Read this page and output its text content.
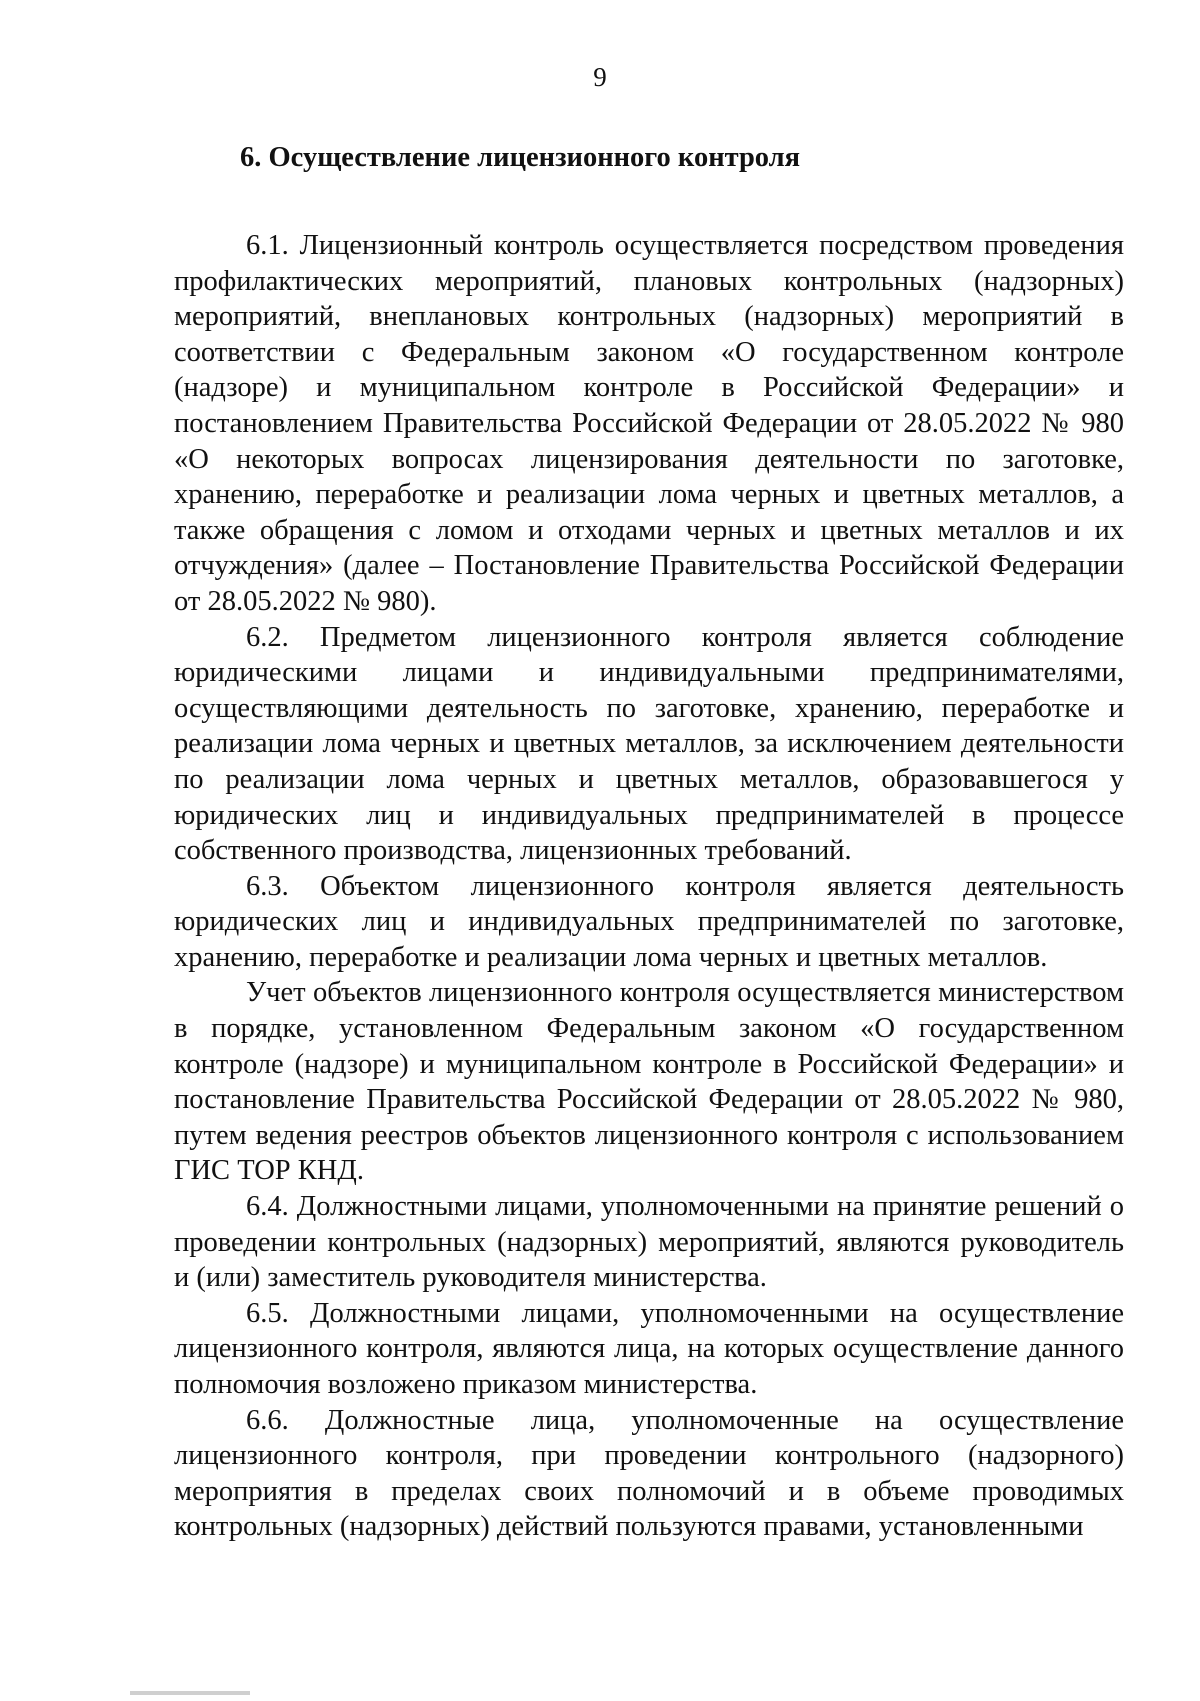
9
6. Осуществление лицензионного контроля

6.1. Лицензионный контроль осуществляется посредством проведения профилактических мероприятий, плановых контрольных (надзорных) мероприятий, внеплановых контрольных (надзорных) мероприятий в соответствии с Федеральным законом «О государственном контроле (надзоре) и муниципальном контроле в Российской Федерации» и постановлением Правительства Российской Федерации от 28.05.2022 № 980 «О некоторых вопросах лицензирования деятельности по заготовке, хранению, переработке и реализации лома черных и цветных металлов, а также обращения с ломом и отходами черных и цветных металлов и их отчуждения» (далее – Постановление Правительства Российской Федерации от 28.05.2022 № 980).

6.2. Предметом лицензионного контроля является соблюдение юридическими лицами и индивидуальными предпринимателями, осуществляющими деятельность по заготовке, хранению, переработке и реализации лома черных и цветных металлов, за исключением деятельности по реализации лома черных и цветных металлов, образовавшегося у юридических лиц и индивидуальных предпринимателей в процессе собственного производства, лицензионных требований.

6.3. Объектом лицензионного контроля является деятельность юридических лиц и индивидуальных предпринимателей по заготовке, хранению, переработке и реализации лома черных и цветных металлов.

Учет объектов лицензионного контроля осуществляется министерством в порядке, установленном Федеральным законом «О государственном контроле (надзоре) и муниципальном контроле в Российской Федерации» и постановление Правительства Российской Федерации от 28.05.2022 № 980, путем ведения реестров объектов лицензионного контроля с использованием ГИС ТОР КНД.

6.4. Должностными лицами, уполномоченными на принятие решений о проведении контрольных (надзорных) мероприятий, являются руководитель и (или) заместитель руководителя министерства.

6.5. Должностными лицами, уполномоченными на осуществление лицензионного контроля, являются лица, на которых осуществление данного полномочия возложено приказом министерства.

6.6. Должностные лица, уполномоченные на осуществление лицензионного контроля, при проведении контрольного (надзорного) мероприятия в пределах своих полномочий и в объеме проводимых контрольных (надзорных) действий пользуются правами, установленными
